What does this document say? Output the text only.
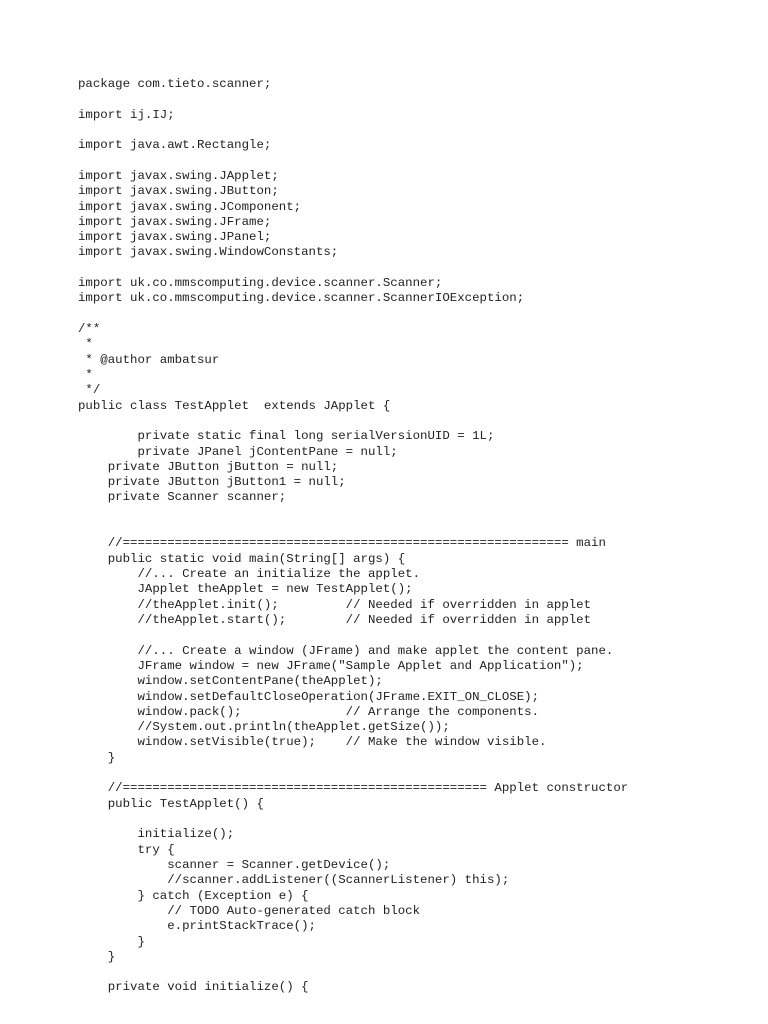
package com.tieto.scanner;
import ij.IJ;
import java.awt.Rectangle;
import javax.swing.JApplet;
import javax.swing.JButton;
import javax.swing.JComponent;
import javax.swing.JFrame;
import javax.swing.JPanel;
import javax.swing.WindowConstants;
import uk.co.mmscomputing.device.scanner.Scanner;
import uk.co.mmscomputing.device.scanner.ScannerIOException;
/**
*
* @author ambatsur
*
*/
public class TestApplet  extends JApplet {
private static final long serialVersionUID = 1L;
private JPanel jContentPane = null;
private JButton jButton = null;
private JButton jButton1 = null;
private Scanner scanner;
//============================================================ main
public static void main(String[] args) {
//... Create an initialize the applet.
JApplet theApplet = new TestApplet();
//theApplet.init();         // Needed if overridden in applet
//theApplet.start();        // Needed if overridden in applet
//... Create a window (JFrame) and make applet the content pane.
JFrame window = new JFrame("Sample Applet and Application");
window.setContentPane(theApplet);
window.setDefaultCloseOperation(JFrame.EXIT_ON_CLOSE);
window.pack();              // Arrange the components.
//System.out.println(theApplet.getSize());
window.setVisible(true);    // Make the window visible.
}
//================================================= Applet constructor
public TestApplet() {
initialize();
try {
scanner = Scanner.getDevice();
//scanner.addListener((ScannerListener) this);
} catch (Exception e) {
// TODO Auto-generated catch block
e.printStackTrace();
}
}
private void initialize() {
